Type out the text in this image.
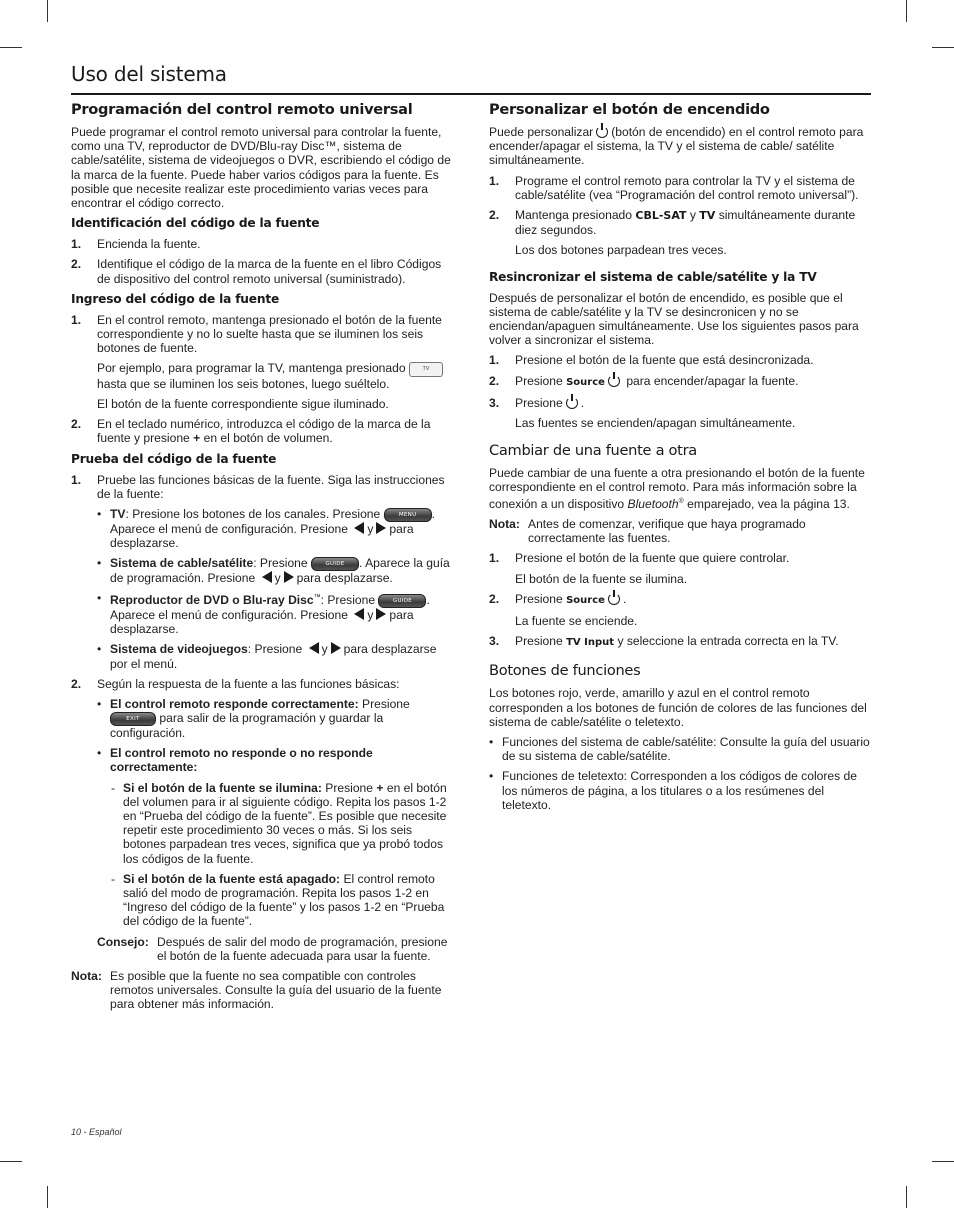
Uso del sistema
Programación del control remoto universal

Puede programar el control remoto universal para controlar la fuente, como una TV, reproductor de DVD/Blu-ray Disc™, sistema de cable/satélite, sistema de videojuegos o DVR, escribiendo el código de la marca de la fuente. Puede haber varios códigos para la fuente. Es posible que necesite realizar este procedimiento varias veces para encontrar el código correcto.

Identificación del código de la fuente
1. Encienda la fuente.

2. Identifique el código de la marca de la fuente en el libro Códigos de dispositivo del control remoto universal (suministrado).

Ingreso del código de la fuente
1. En el control remoto, mantenga presionado el botón de la fuente correspondiente y no lo suelte hasta que se iluminen los seis botones de fuente.

Por ejemplo, para programar la TV, mantenga presionado	TV hasta que se iluminen los seis botones, luego suéltelo.

El botón de la fuente correspondiente sigue iluminado.

2. En el teclado numérico, introduzca el código de la marca de la fuente y presione + en el botón de volumen.

Prueba del código de la fuente
1. Pruebe las funciones básicas de la fuente. Siga las instrucciones de la fuente:

• TV: Presione los botones de los canales. Presione	MENU . Aparece el menú de configuración. Presione y para desplazarse.
• Sistema de cable/satélite: Presione	GUIDE . Aparece la guía de programación. Presione y para desplazarse.
• Reproductor de DVD o Blu-ray Disc™: Presione	GUIDE . Aparece el menú de configuración. Presione y para desplazarse.
• Sistema de videojuegos: Presione y para desplazarse por el menú.
2. Según la respuesta de la fuente a las funciones básicas:

• El control remoto responde correctamente: Presione EXIT para salir de la programación y guardar la configuración.
• El control remoto no responde o no responde correctamente:
- Si el botón de la fuente se ilumina: Presione + en el botón del volumen para ir al siguiente código. Repita los pasos 1-2 en “Prueba del código de la fuente”. Es posible que necesite repetir este procedimiento 30 veces o más. Si los seis botones parpadean tres veces, significa que ya probó todos los códigos de la fuente.
- Si el botón de la fuente está apagado: El control remoto salió del modo de programación. Repita los pasos 1-2 en “Ingreso del código de la fuente” y los pasos 1-2 en “Prueba del código de la fuente”.
Consejo: Después de salir del modo de programación, presione el botón de la fuente adecuada para usar la fuente.
Nota: Es posible que la fuente no sea compatible con controles remotos universales. Consulte la guía del usuario de la fuente para obtener más información.
Personalizar el botón de encendido

Puede personalizar (botón de encendido) en el control remoto para encender/apagar el sistema, la TV y el sistema de cable/ satélite simultáneamente.

1. Programe el control remoto para controlar la TV y el sistema de cable/satélite (vea “Programación del control remoto universal”).

2. Mantenga presionado CBL-SAT y TV simultáneamente durante diez segundos.

Los dos botones parpadean tres veces.

Resincronizar el sistema de cable/satélite y la TV

Después de personalizar el botón de encendido, es posible que el sistema de cable/satélite y la TV se desincronicen y no se enciendan/apaguen simultáneamente. Use los siguientes pasos para volver a sincronizar el sistema.

1. Presione el botón de la fuente que está desincronizada.

2. Presione Source para encender/apagar la fuente.

3. Presione .

Las fuentes se encienden/apagan simultáneamente.

Cambiar de una fuente a otra

Puede cambiar de una fuente a otra presionando el botón de la fuente correspondiente en el control remoto. Para más información sobre la conexión a un dispositivo Bluetooth® emparejado, vea la página 13.

Nota: Antes de comenzar, verifique que haya programado correctamente las fuentes.
1. Presione el botón de la fuente que quiere controlar.

El botón de la fuente se ilumina.

2. Presione Source .

La fuente se enciende.

3. Presione TV Input y seleccione la entrada correcta en la TV.

Botones de funciones

Los botones rojo, verde, amarillo y azul en el control remoto corresponden a los botones de función de colores de las funciones del sistema de cable/satélite o teletexto.

• Funciones del sistema de cable/satélite: Consulte la guía del usuario de su sistema de cable/satélite.
• Funciones de teletexto: Corresponden a los códigos de colores de los números de página, a los titulares o a los resúmenes del teletexto.
10 - Español
